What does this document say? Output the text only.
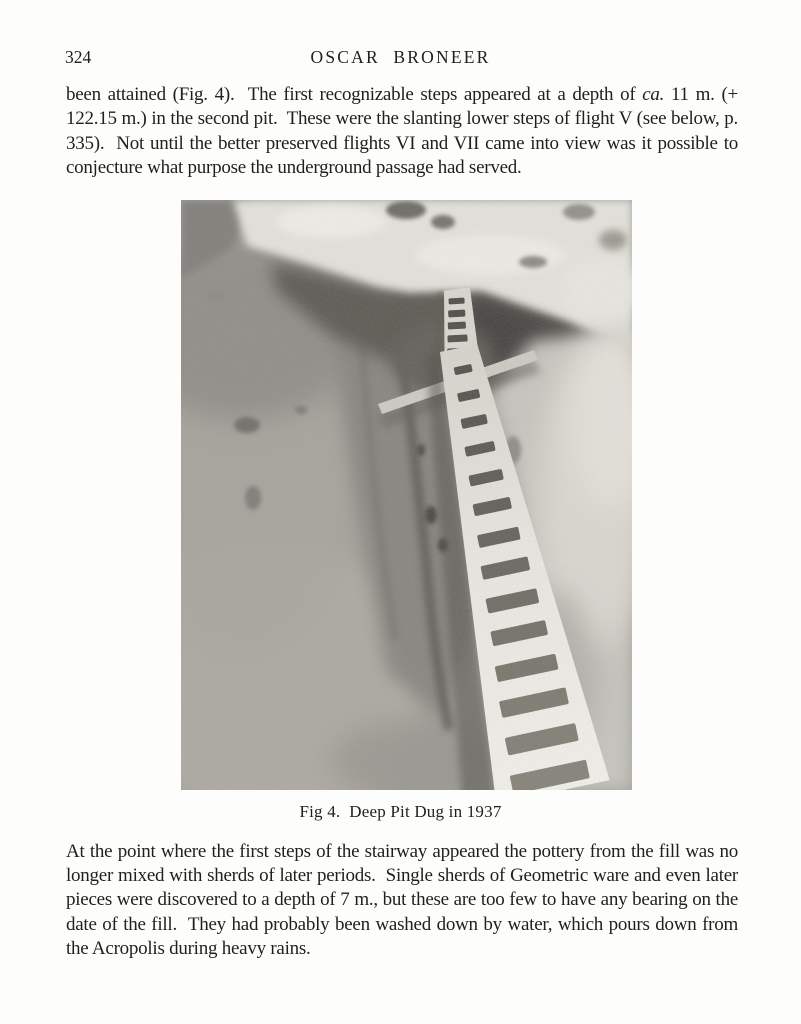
324	OSCAR BRONEER

been attained (Fig. 4).  The first recognizable steps appeared at a depth of ca. 11 m. (+ 122.15 m.) in the second pit.  These were the slanting lower steps of flight V (see below, p. 335).  Not until the better preserved flights VI and VII came into view was it possible to conjecture what purpose the underground passage had served.

Fig 4.  Deep Pit Dug in 1937

At the point where the first steps of the stairway appeared the pottery from the fill was no longer mixed with sherds of later periods.  Single sherds of Geometric ware and even later pieces were discovered to a depth of 7 m., but these are too few to have any bearing on the date of the fill.  They had probably been washed down by water, which pours down from the Acropolis during heavy rains.
